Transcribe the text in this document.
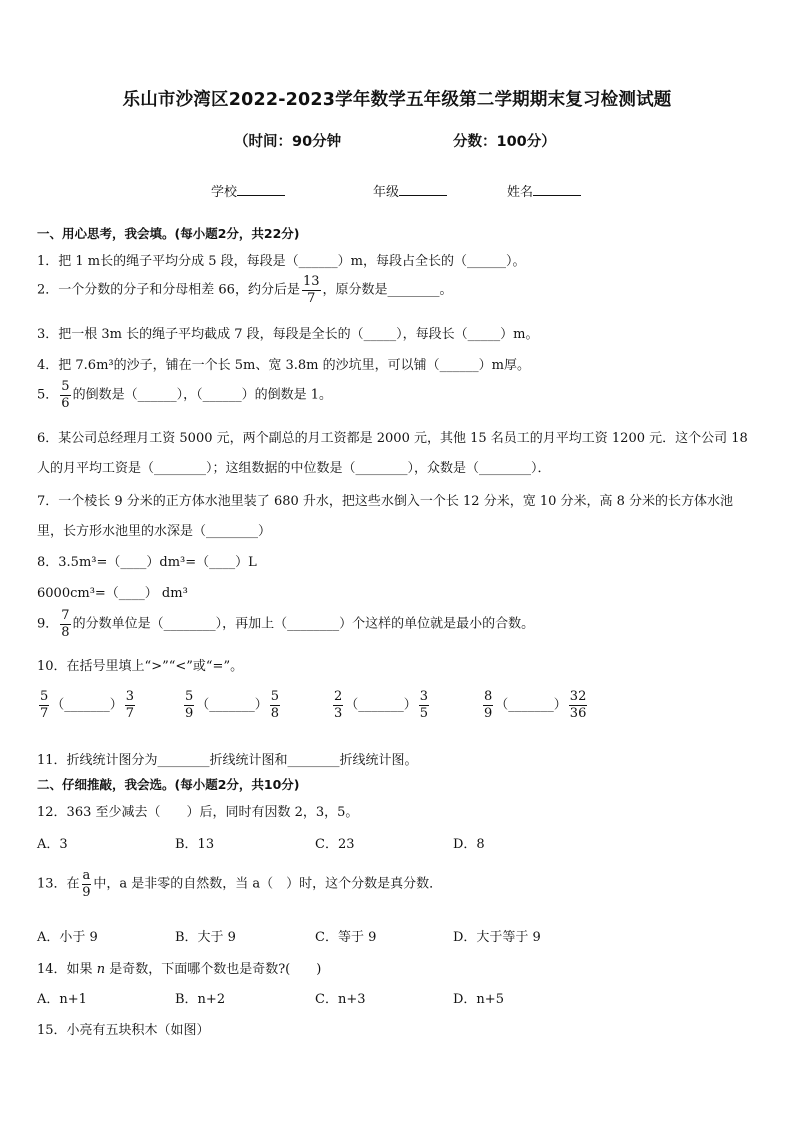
乐山市沙湾区2022-2023学年数学五年级第二学期期末复习检测试题
（时间：90分钟	分数：100分）
学校	年级	姓名
一、用心思考，我会填。(每小题2分，共22分)
1．把 1 m长的绳子平均分成 5 段，每段是（______）m，每段占全长的（______）。
2．一个分数的分子和分母相差 66，约分后是 $\frac{13}{7}$ ，原分数是________。
3．把一根 3m 长的绳子平均截成 7 段，每段是全长的（_____），每段长（_____）m。
4．把 7.6m³的沙子，铺在一个长 5m、宽 3.8m 的沙坑里，可以铺（______）m厚。
5． $\frac{5}{6}$ 的倒数是（______），（______）的倒数是 1。
6．某公司总经理月工资 5000 元，两个副总的月工资都是 2000 元，其他 15 名员工的月平均工资 1200 元．这个公司 18
人的月平均工资是（________）；这组数据的中位数是（________），众数是（________）．
7．一个棱长 9 分米的正方体水池里装了 680 升水，把这些水倒入一个长 12 分米，宽 10 分米，高 8 分米的长方体水池
里，长方形水池里的水深是（________）
8．3.5m³=（____）dm³=（____）L
6000cm³=（____） dm³
9． $\frac{7}{8}$ 的分数单位是（________），再加上（________）个这样的单位就是最小的合数。
10．在括号里填上“>”“<”或“=”。
$\frac{5}{7}$ （_______） $\frac{3}{7}$	$\frac{5}{9}$ （_______） $\frac{5}{8}$	$\frac{2}{3}$ （_______） $\frac{3}{5}$	$\frac{8}{9}$ （_______） $\frac{32}{36}$
11．折线统计图分为________折线统计图和________折线统计图。
二、仔细推敲，我会选。(每小题2分，共10分)
12．363 至少减去（　　）后，同时有因数 2，3，5。
A．3	B．13	C．23	D．8
13．在 $\frac{a}{9}$ 中，a 是非零的自然数，当 a（　）时，这个分数是真分数．
A．小于 9	B．大于 9	C．等于 9	D．大于等于 9
14．如果 n 是奇数，下面哪个数也是奇数?(　　)
A．n+1	B．n+2	C．n+3	D．n+5
15．小亮有五块积木（如图）
